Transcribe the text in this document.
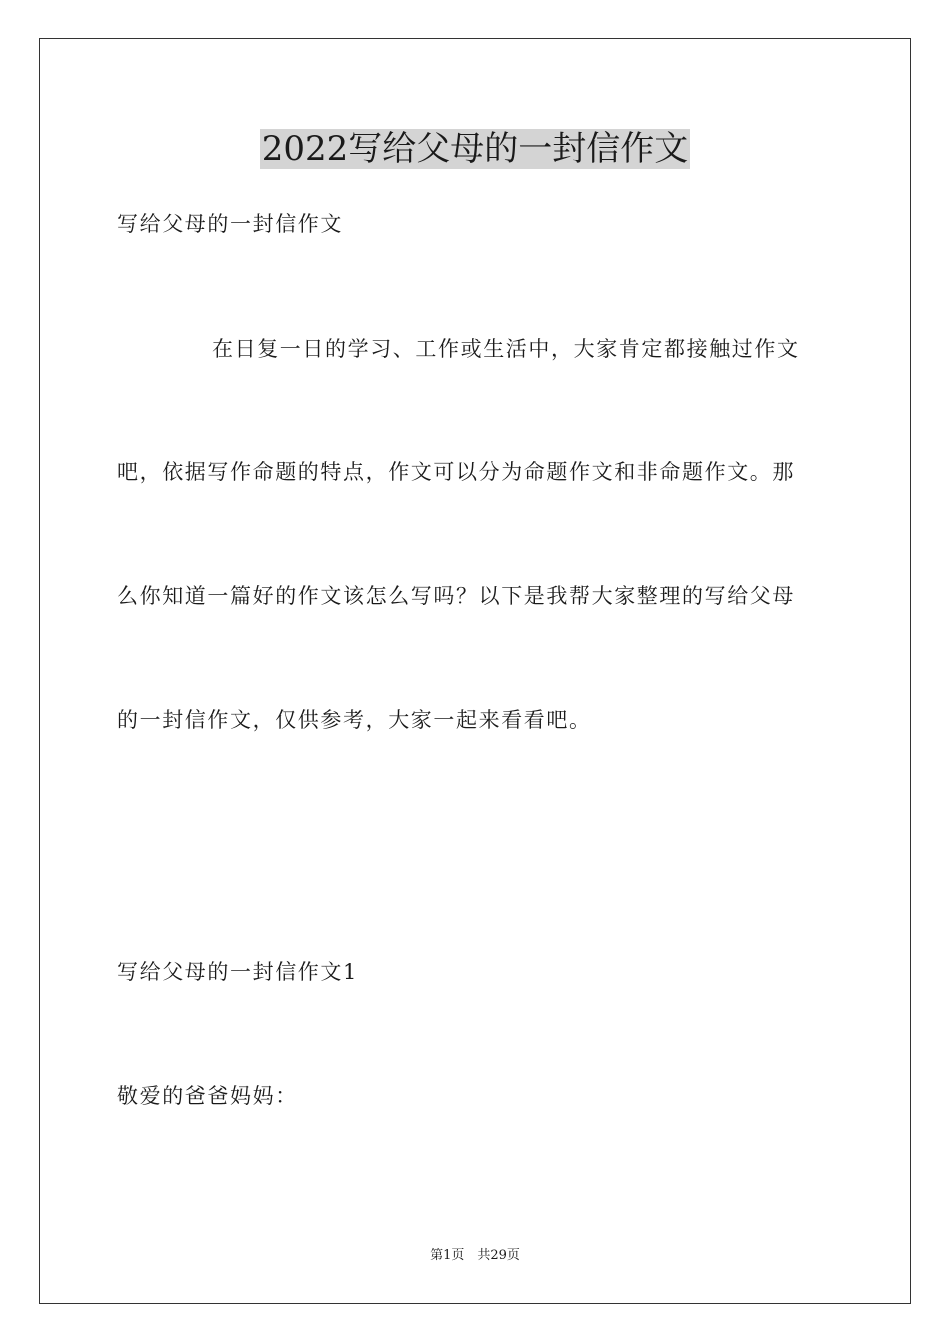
2022写给父母的一封信作文

写给父母的一封信作文

在日复一日的学习、工作或生活中，大家肯定都接触过作文

吧，依据写作命题的特点，作文可以分为命题作文和非命题作文。那

么你知道一篇好的作文该怎么写吗？以下是我帮大家整理的写给父母

的一封信作文，仅供参考，大家一起来看看吧。

写给父母的一封信作文1

敬爱的爸爸妈妈：

第1页　共29页
